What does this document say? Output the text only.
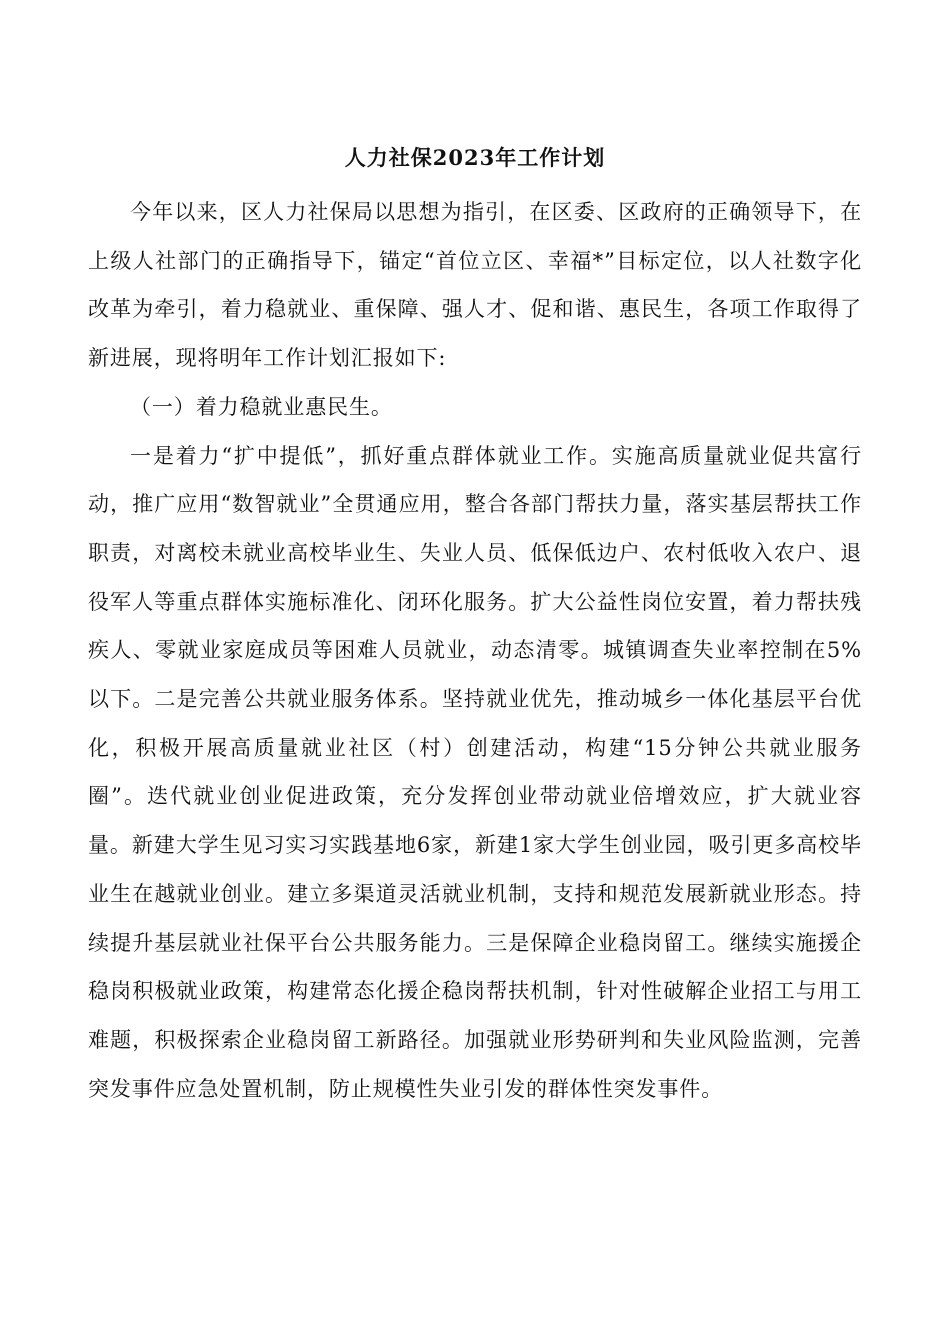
人力社保2023年工作计划

今年以来，区人力社保局以思想为指引，在区委、区政府的正确领导下，在上级人社部门的正确指导下，锚定“首位立区、幸福*”目标定位，以人社数字化改革为牵引，着力稳就业、重保障、强人才、促和谐、惠民生，各项工作取得了新进展，现将明年工作计划汇报如下:

（一）着力稳就业惠民生。

一是着力“扩中提低”，抓好重点群体就业工作。实施高质量就业促共富行动，推广应用“数智就业”全贯通应用，整合各部门帮扶力量，落实基层帮扶工作职责，对离校未就业高校毕业生、失业人员、低保低边户、农村低收入农户、退役军人等重点群体实施标准化、闭环化服务。扩大公益性岗位安置，着力帮扶残疾人、零就业家庭成员等困难人员就业，动态清零。城镇调查失业率控制在5%以下。二是完善公共就业服务体系。坚持就业优先，推动城乡一体化基层平台优化，积极开展高质量就业社区（村）创建活动，构建“15分钟公共就业服务圈”。迭代就业创业促进政策，充分发挥创业带动就业倍增效应，扩大就业容量。新建大学生见习实习实践基地6家，新建1家大学生创业园，吸引更多高校毕业生在越就业创业。建立多渠道灵活就业机制，支持和规范发展新就业形态。持续提升基层就业社保平台公共服务能力。三是保障企业稳岗留工。继续实施援企稳岗积极就业政策，构建常态化援企稳岗帮扶机制，针对性破解企业招工与用工难题，积极探索企业稳岗留工新路径。加强就业形势研判和失业风险监测，完善突发事件应急处置机制，防止规模性失业引发的群体性突发事件。
